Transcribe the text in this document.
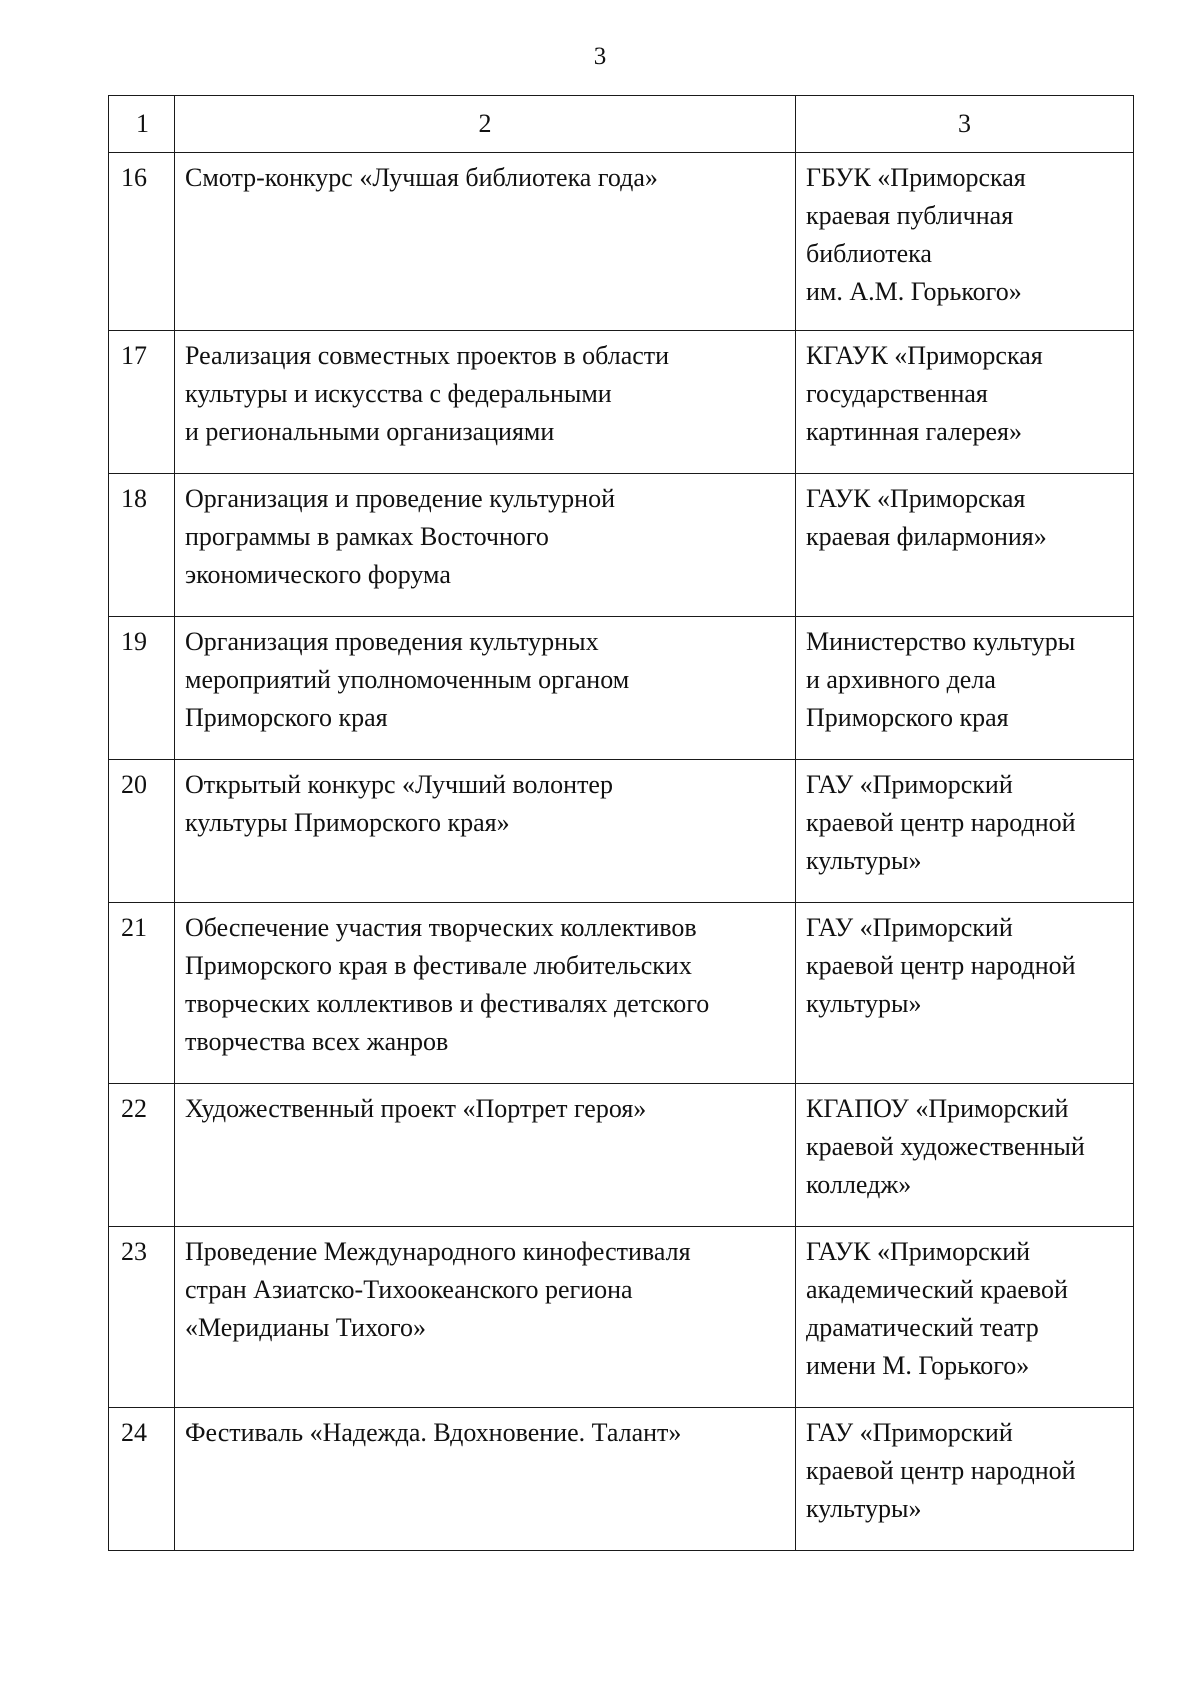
3
1	2	3
16	Смотр-конкурс «Лучшая библиотека года»	ГБУК «Приморская
краевая публичная
библиотека
им. А.М. Горького»
17	Реализация совместных проектов в области
культуры и искусства с федеральными
и региональными организациями	КГАУК «Приморская
государственная
картинная галерея»
18	Организация и проведение культурной
программы в рамках Восточного
экономического форума	ГАУК «Приморская
краевая филармония»
19	Организация проведения культурных
мероприятий уполномоченным органом
Приморского края	Министерство культуры
и архивного дела
Приморского края
20	Открытый конкурс «Лучший волонтер
культуры Приморского края»	ГАУ «Приморский
краевой центр народной
культуры»
21	Обеспечение участия творческих коллективов
Приморского края в фестивале любительских
творческих коллективов и фестивалях детского
творчества всех жанров	ГАУ «Приморский
краевой центр народной
культуры»
22	Художественный проект «Портрет героя»	КГАПОУ «Приморский
краевой художественный
колледж»
23	Проведение Международного кинофестиваля
стран Азиатско-Тихоокеанского региона
«Меридианы Тихого»	ГАУК «Приморский
академический краевой
драматический театр
имени М. Горького»
24	Фестиваль «Надежда. Вдохновение. Талант»	ГАУ «Приморский
краевой центр народной
культуры»
